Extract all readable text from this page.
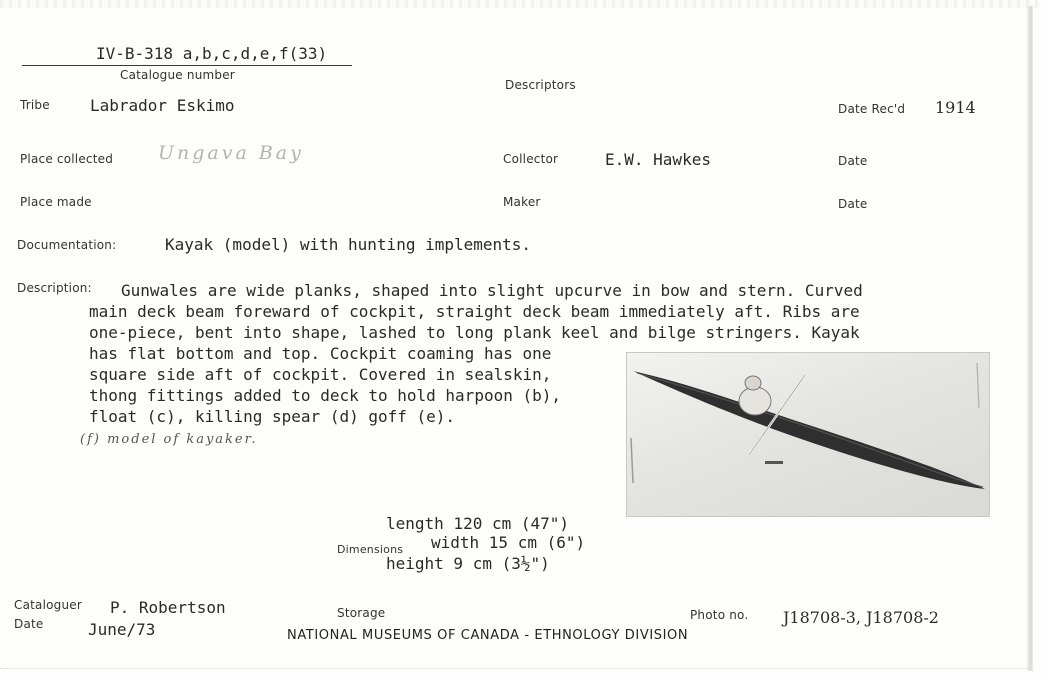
IV-B-318 a,b,c,d,e,f(33)
Catalogue number
Descriptors
Tribe	Labrador Eskimo	Date Rec'd 1914
Place collected Ungava Bay	Collector	E.W. Hawkes	Date
Place made	Maker	Date
Documentation:	Kayak (model) with hunting implements.
Description: Gunwales are wide planks, shaped into slight upcurve in bow and stern. Curved
main deck beam foreward of cockpit, straight deck beam immediately aft. Ribs are
one-piece, bent into shape, lashed to long plank keel and bilge stringers. Kayak
has flat bottom and top. Cockpit coaming has one
square side aft of cockpit. Covered in sealskin,
thong fittings added to deck to hold harpoon (b),
float (c), killing spear (d) goff (e).
(f) model of kayaker.
length 120 cm (47")
Dimensions width 15 cm (6")
height 9 cm (3½")
Cataloguer P. Robertson
Date	June/73
Storage	Photo no. J18708-3, J18708-2
NATIONAL MUSEUMS OF CANADA - ETHNOLOGY DIVISION
